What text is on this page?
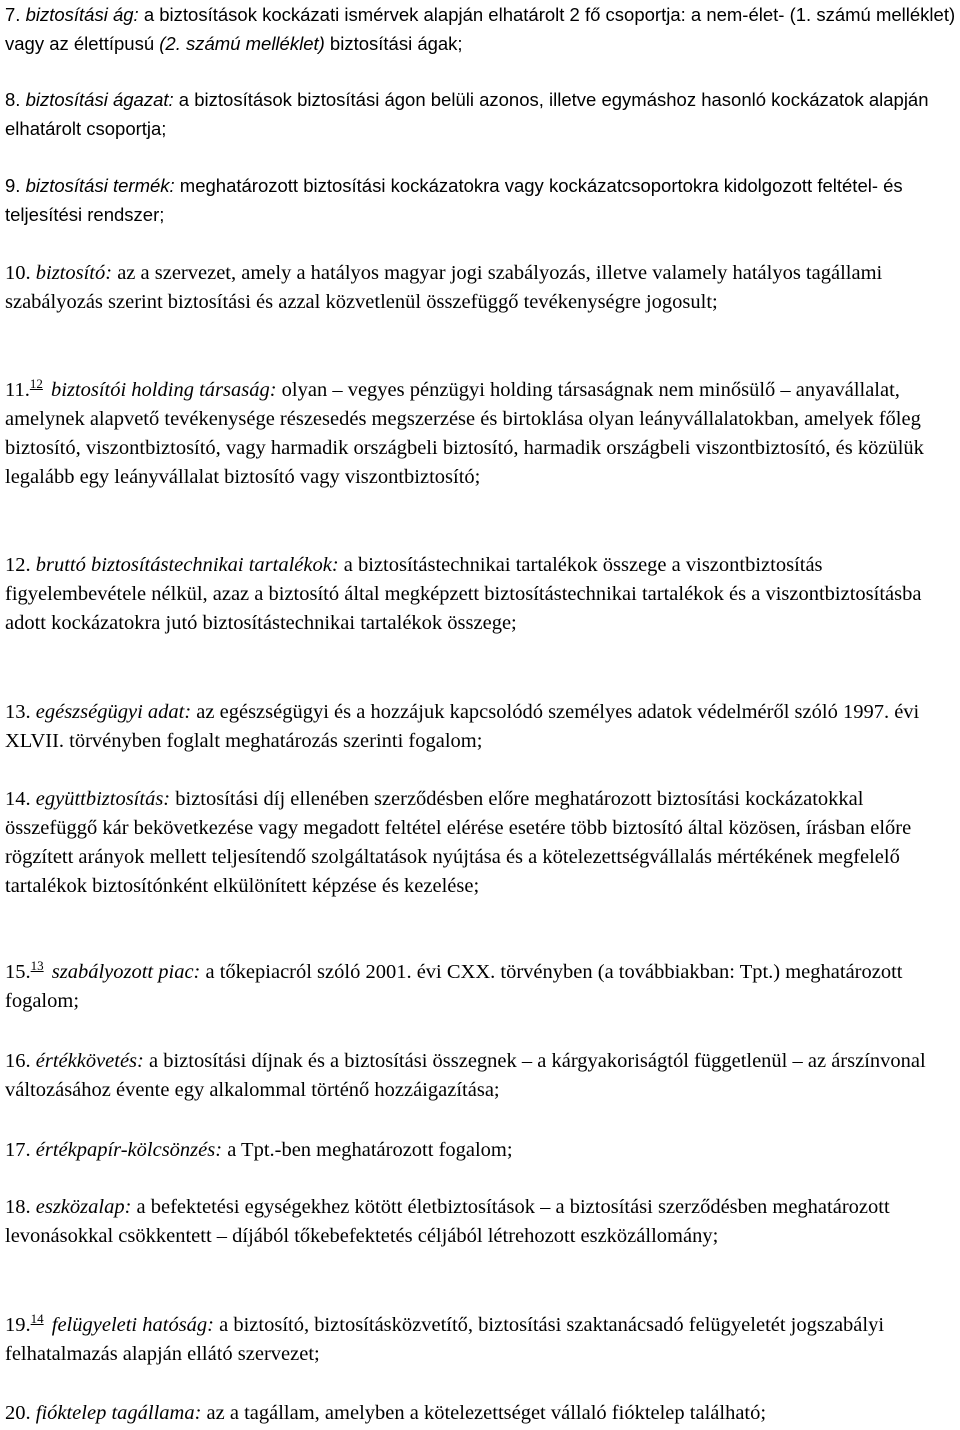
7. biztosítási ág: a biztosítások kockázati ismérvek alapján elhatárolt 2 fő csoportja: a nem-élet- (1. számú melléklet) vagy az élettípusú (2. számú melléklet) biztosítási ágak;

8. biztosítási ágazat: a biztosítások biztosítási ágon belüli azonos, illetve egymáshoz hasonló kockázatok alapján elhatárolt csoportja;

9. biztosítási termék: meghatározott biztosítási kockázatokra vagy kockázatcsoportokra kidolgozott feltétel- és teljesítési rendszer;

10. biztosító: az a szervezet, amely a hatályos magyar jogi szabályozás, illetve valamely hatályos tagállami szabályozás szerint biztosítási és azzal közvetlenül összefüggő tevékenységre jogosult;

11.12 biztosítói holding társaság: olyan – vegyes pénzügyi holding társaságnak nem minősülő – anyavállalat, amelynek alapvető tevékenysége részesedés megszerzése és birtoklása olyan leányvállalatokban, amelyek főleg biztosító, viszontbiztosító, vagy harmadik országbeli biztosító, harmadik országbeli viszontbiztosító, és közülük legalább egy leányvállalat biztosító vagy viszontbiztosító;

12. bruttó biztosítástechnikai tartalékok: a biztosítástechnikai tartalékok összege a viszontbiztosítás figyelembevétele nélkül, azaz a biztosító által megképzett biztosítástechnikai tartalékok és a viszontbiztosításba adott kockázatokra jutó biztosítástechnikai tartalékok összege;

13. egészségügyi adat: az egészségügyi és a hozzájuk kapcsolódó személyes adatok védelméről szóló 1997. évi XLVII. törvényben foglalt meghatározás szerinti fogalom;

14. együttbiztosítás: biztosítási díj ellenében szerződésben előre meghatározott biztosítási kockázatokkal összefüggő kár bekövetkezése vagy megadott feltétel elérése esetére több biztosító által közösen, írásban előre rögzített arányok mellett teljesítendő szolgáltatások nyújtása és a kötelezettségvállalás mértékének megfelelő tartalékok biztosítónként elkülönített képzése és kezelése;

15.13 szabályozott piac: a tőkepiacról szóló 2001. évi CXX. törvényben (a továbbiakban: Tpt.) meghatározott fogalom;

16. értékkövetés: a biztosítási díjnak és a biztosítási összegnek – a kárgyakoriságtól függetlenül – az árszínvonal változásához évente egy alkalommal történő hozzáigazítása;

17. értékpapír-kölcsönzés: a Tpt.-ben meghatározott fogalom;

18. eszközalap: a befektetési egységekhez kötött életbiztosítások – a biztosítási szerződésben meghatározott levonásokkal csökkentett – díjából tőkebefektetés céljából létrehozott eszközállomány;

19.14 felügyeleti hatóság: a biztosító, biztosításközvetítő, biztosítási szaktanácsadó felügyeletét jogszabályi felhatalmazás alapján ellátó szervezet;

20. fióktelep tagállama: az a tagállam, amelyben a kötelezettséget vállaló fióktelep található;
